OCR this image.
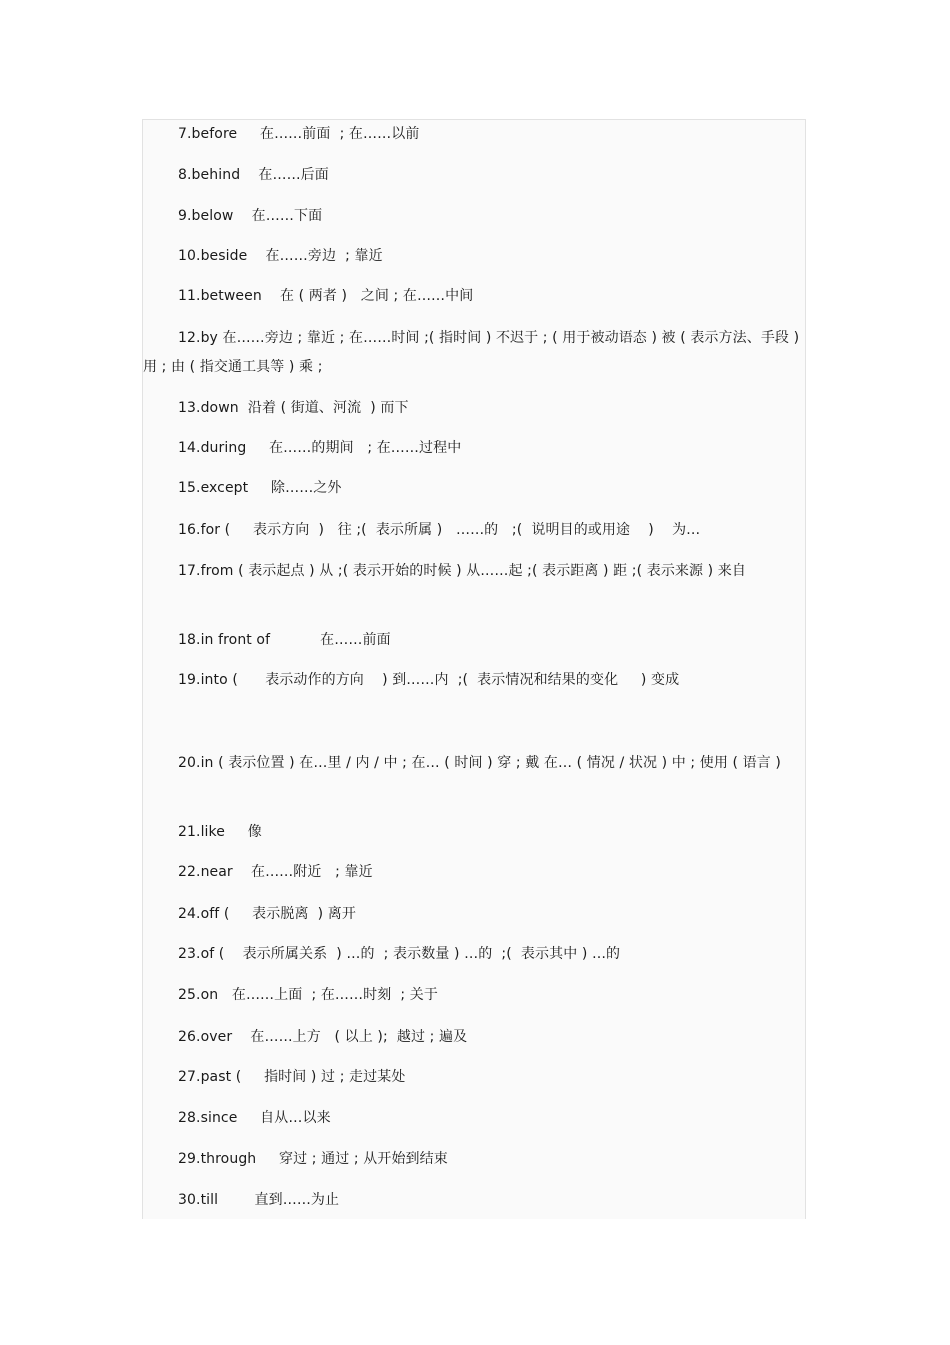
7.before     在……前面  ; 在……以前
8.behind    在……后面
9.below    在……下面
10.beside    在……旁边  ; 靠近
11.between    在 ( 两者 )   之间 ; 在……中间
12.by 在……旁边 ; 靠近 ; 在……时间 ;( 指时间 ) 不迟于 ; ( 用于被动语态 ) 被 ( 表示方法、手段 ) 用 ; 由 ( 指交通工具等 ) 乘 ;
13.down  沿着 ( 街道、河流  ) 而下
14.during     在……的期间   ; 在……过程中
15.except     除……之外
16.for (     表示方向  )   往 ;(  表示所属 )   ……的   ;(  说明目的或用途    )    为…
17.from ( 表示起点 ) 从 ;( 表示开始的时候 ) 从……起 ;( 表示距离 ) 距 ;( 表示来源 ) 来自
18.in front of           在……前面
19.into (      表示动作的方向    ) 到……内  ;(  表示情况和结果的变化     ) 变成
20.in ( 表示位置 ) 在…里 / 内 / 中 ; 在… ( 时间 ) 穿 ; 戴 在… ( 情况 / 状况 ) 中 ; 使用 ( 语言 )
21.like     像
22.near    在……附近   ; 靠近
24.off (     表示脱离  ) 离开
23.of (    表示所属关系  ) …的  ; 表示数量 ) …的  ;(  表示其中 ) …的
25.on   在……上面  ; 在……时刻  ; 关于
26.over    在……上方   ( 以上 );  越过 ; 遍及
27.past (     指时间 ) 过 ; 走过某处
28.since     自从…以来
29.through     穿过 ; 通过 ; 从开始到结束
30.till        直到……为止
